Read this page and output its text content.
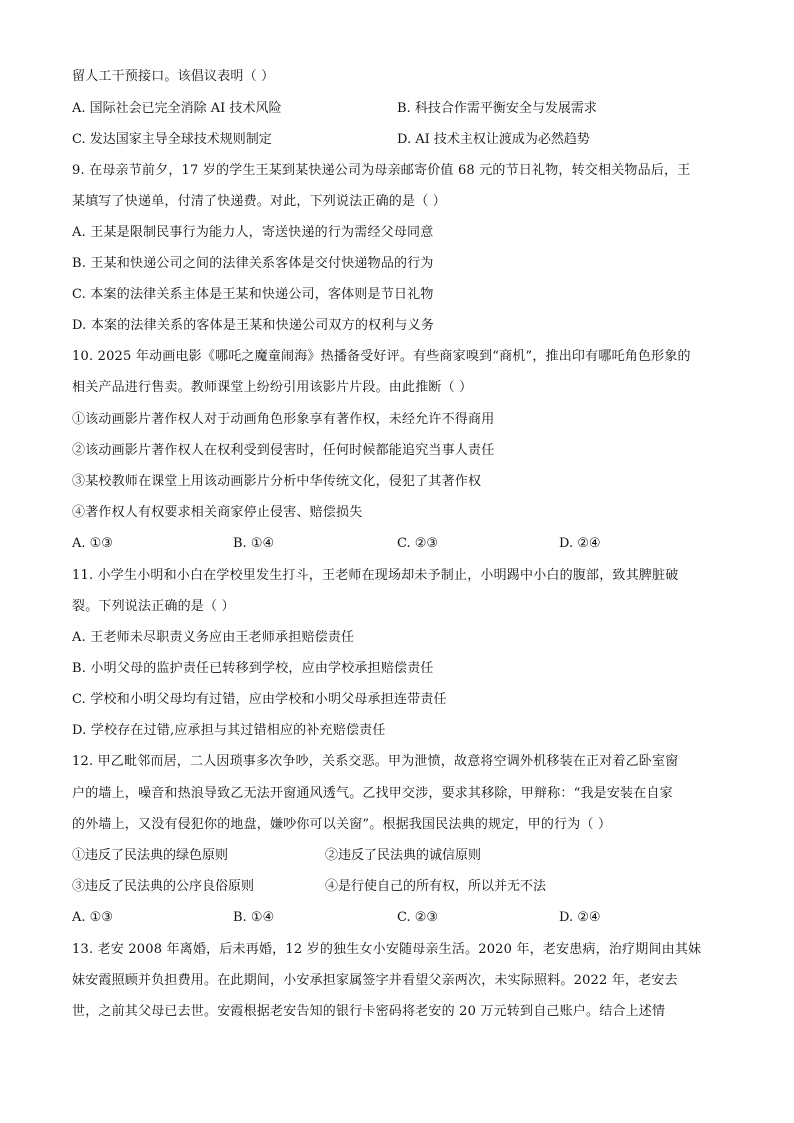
留人工干预接口。该倡议表明（ ）
A. 国际社会已完全消除 AI 技术风险	B. 科技合作需平衡安全与发展需求
C. 发达国家主导全球技术规则制定	D. AI 技术主权让渡成为必然趋势
9. 在母亲节前夕，17 岁的学生王某到某快递公司为母亲邮寄价值 68 元的节日礼物，转交相关物品后，王
某填写了快递单，付清了快递费。对此，下列说法正确的是（ ）
A. 王某是限制民事行为能力人，寄送快递的行为需经父母同意
B. 王某和快递公司之间的法律关系客体是交付快递物品的行为
C. 本案的法律关系主体是王某和快递公司，客体则是节日礼物
D. 本案的法律关系的客体是王某和快递公司双方的权利与义务
10. 2025 年动画电影《哪吒之魔童闹海》热播备受好评。有些商家嗅到“商机”，推出印有哪吒角色形象的
相关产品进行售卖。教师课堂上纷纷引用该影片片段。由此推断（ ）
①该动画影片著作权人对于动画角色形象享有著作权，未经允许不得商用
②该动画影片著作权人在权利受到侵害时，任何时候都能追究当事人责任
③某校教师在课堂上用该动画影片分析中华传统文化，侵犯了其著作权
④著作权人有权要求相关商家停止侵害、赔偿损失
A. ①③	B. ①④	C. ②③	D. ②④
11. 小学生小明和小白在学校里发生打斗，王老师在现场却未予制止，小明踢中小白的腹部，致其脾脏破
裂。下列说法正确的是（ ）
A. 王老师未尽职责义务应由王老师承担赔偿责任
B. 小明父母的监护责任已转移到学校，应由学校承担赔偿责任
C. 学校和小明父母均有过错，应由学校和小明父母承担连带责任
D. 学校存在过错,应承担与其过错相应的补充赔偿责任
12. 甲乙毗邻而居，二人因琐事多次争吵，关系交恶。甲为泄愤，故意将空调外机移装在正对着乙卧室窗
户的墙上，噪音和热浪导致乙无法开窗通风透气。乙找甲交涉，要求其移除，甲辩称：“我是安装在自家
的外墙上，又没有侵犯你的地盘，嫌吵你可以关窗”。根据我国民法典的规定，甲的行为（ ）
①违反了民法典的绿色原则	②违反了民法典的诚信原则
③违反了民法典的公序良俗原则	④是行使自己的所有权，所以并无不法
A. ①③	B. ①④	C. ②③	D. ②④
13. 老安 2008 年离婚，后未再婚，12 岁的独生女小安随母亲生活。2020 年，老安患病，治疗期间由其妹
妹安霞照顾并负担费用。在此期间，小安承担家属签字并看望父亲两次，未实际照料。2022 年，老安去
世，之前其父母已去世。安霞根据老安告知的银行卡密码将老安的 20 万元转到自己账户。结合上述情
